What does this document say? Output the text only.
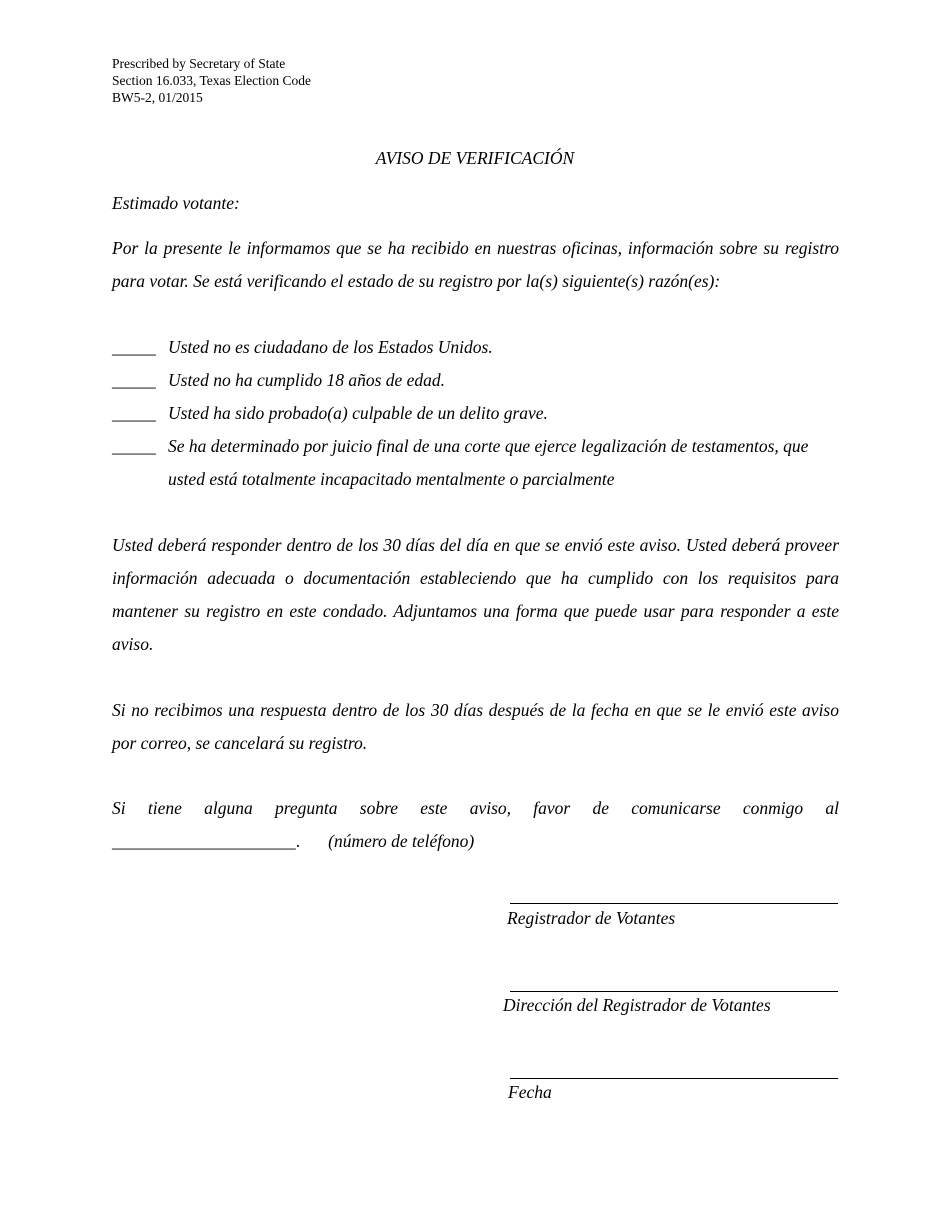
Prescribed by Secretary of State
Section 16.033, Texas Election Code
BW5-2, 01/2015
AVISO DE VERIFICACIÓN
Estimado votante:
Por la presente le informamos que se ha recibido en nuestras oficinas, información sobre su registro para votar. Se está verificando el estado de su registro por la(s) siguiente(s) razón(es):
_____ Usted no es ciudadano de los Estados Unidos.
_____ Usted no ha cumplido 18 años de edad.
_____ Usted ha sido probado(a) culpable de un delito grave.
_____ Se ha determinado por juicio final de una corte que ejerce legalización de testamentos, que usted está totalmente incapacitado mentalmente o parcialmente
Usted deberá responder dentro de los 30 días del día en que se envió este aviso. Usted deberá proveer información adecuada o documentación estableciendo que ha cumplido con los requisitos para mantener su registro en este condado. Adjuntamos una forma que puede usar para responder a este aviso.
Si no recibimos una respuesta dentro de los 30 días después de la fecha en que se le envió este aviso por correo, se cancelará su registro.
Si tiene alguna pregunta sobre este aviso, favor de comunicarse conmigo al
_____________________. (número de teléfono)
Registrador de Votantes
Dirección del Registrador de Votantes
Fecha
